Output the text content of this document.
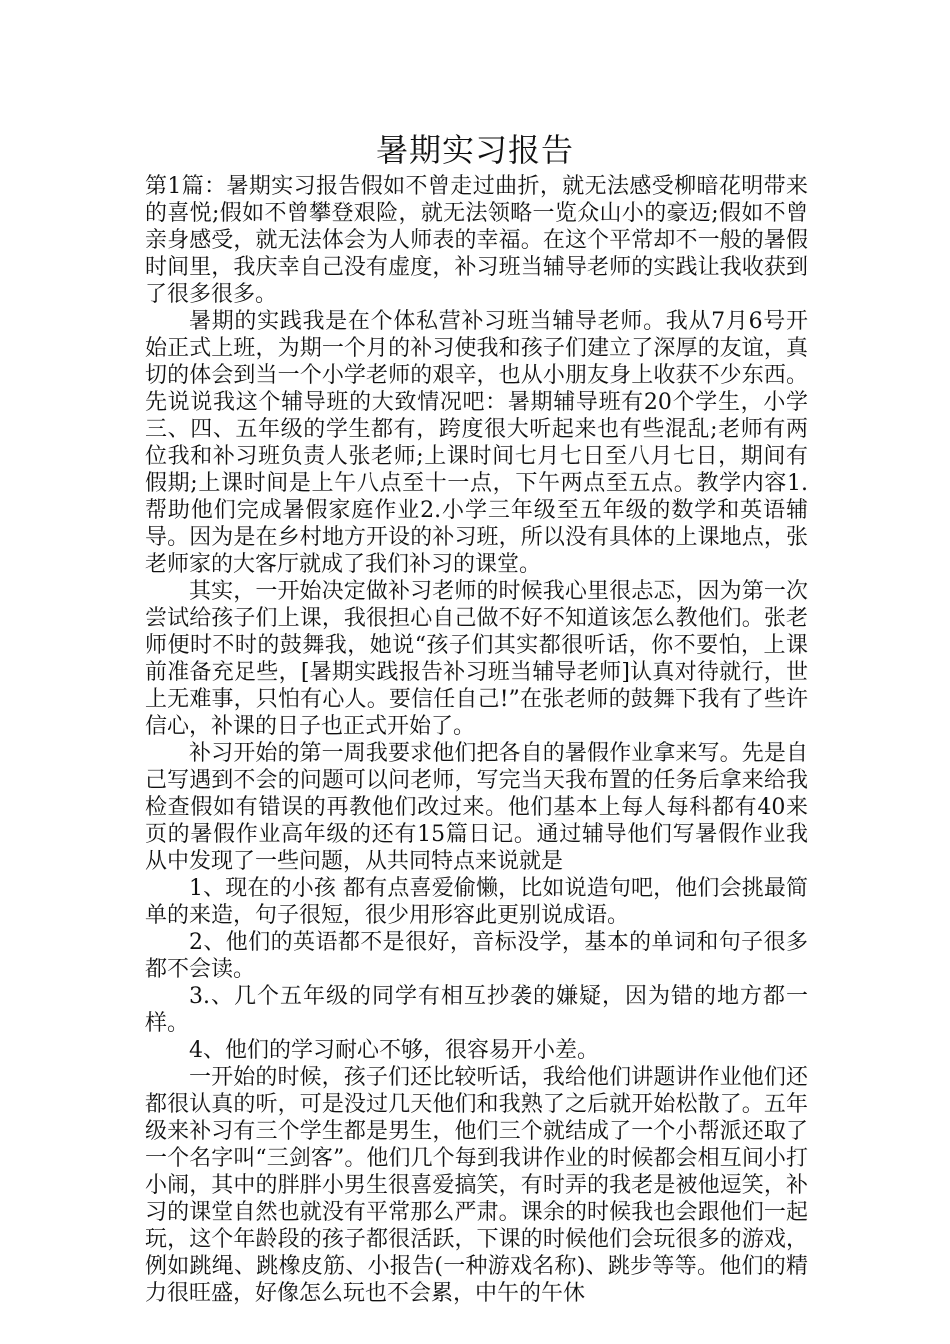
暑期实习报告

第1篇：暑期实习报告假如不曾走过曲折，就无法感受柳暗花明带来的喜悦;假如不曾攀登艰险，就无法领略一览众山小的豪迈;假如不曾亲身感受，就无法体会为人师表的幸福。在这个平常却不一般的暑假时间里，我庆幸自己没有虚度，补习班当辅导老师的实践让我收获到了很多很多。

暑期的实践我是在个体私营补习班当辅导老师。我从7月6号开始正式上班，为期一个月的补习使我和孩子们建立了深厚的友谊，真切的体会到当一个小学老师的艰辛，也从小朋友身上收获不少东西。先说说我这个辅导班的大致情况吧：暑期辅导班有20个学生，小学三、四、五年级的学生都有，跨度很大听起来也有些混乱;老师有两位我和补习班负责人张老师;上课时间七月七日至八月七日，期间有假期;上课时间是上午八点至十一点，下午两点至五点。教学内容1.帮助他们完成暑假家庭作业2.小学三年级至五年级的数学和英语辅导。因为是在乡村地方开设的补习班，所以没有具体的上课地点，张老师家的大客厅就成了我们补习的课堂。

其实，一开始决定做补习老师的时候我心里很忐忑，因为第一次尝试给孩子们上课，我很担心自己做不好不知道该怎么教他们。张老师便时不时的鼓舞我，她说“孩子们其实都很听话，你不要怕，上课前准备充足些，[暑期实践报告补习班当辅导老师]认真对待就行，世上无难事，只怕有心人。要信任自己!”在张老师的鼓舞下我有了些许信心，补课的日子也正式开始了。

补习开始的第一周我要求他们把各自的暑假作业拿来写。先是自己写遇到不会的问题可以问老师，写完当天我布置的任务后拿来给我检查假如有错误的再教他们改过来。他们基本上每人每科都有40来页的暑假作业高年级的还有15篇日记。通过辅导他们写暑假作业我从中发现了一些问题，从共同特点来说就是

1、现在的小孩 都有点喜爱偷懒，比如说造句吧，他们会挑最简单的来造，句子很短，很少用形容此更别说成语。

2、他们的英语都不是很好，音标没学，基本的单词和句子很多都不会读。

3.、几个五年级的同学有相互抄袭的嫌疑，因为错的地方都一样。

4、他们的学习耐心不够，很容易开小差。

一开始的时候，孩子们还比较听话，我给他们讲题讲作业他们还都很认真的听，可是没过几天他们和我熟了之后就开始松散了。五年级来补习有三个学生都是男生，他们三个就结成了一个小帮派还取了一个名字叫“三剑客”。他们几个每到我讲作业的时候都会相互间小打小闹，其中的胖胖小男生很喜爱搞笑，有时弄的我老是被他逗笑，补习的课堂自然也就没有平常那么严肃。课余的时候我也会跟他们一起玩，这个年龄段的孩子都很活跃，下课的时候他们会玩很多的游戏，例如跳绳、跳橡皮筋、小报告(一种游戏名称)、跳步等等。他们的精力很旺盛，好像怎么玩也不会累，中午的午休
